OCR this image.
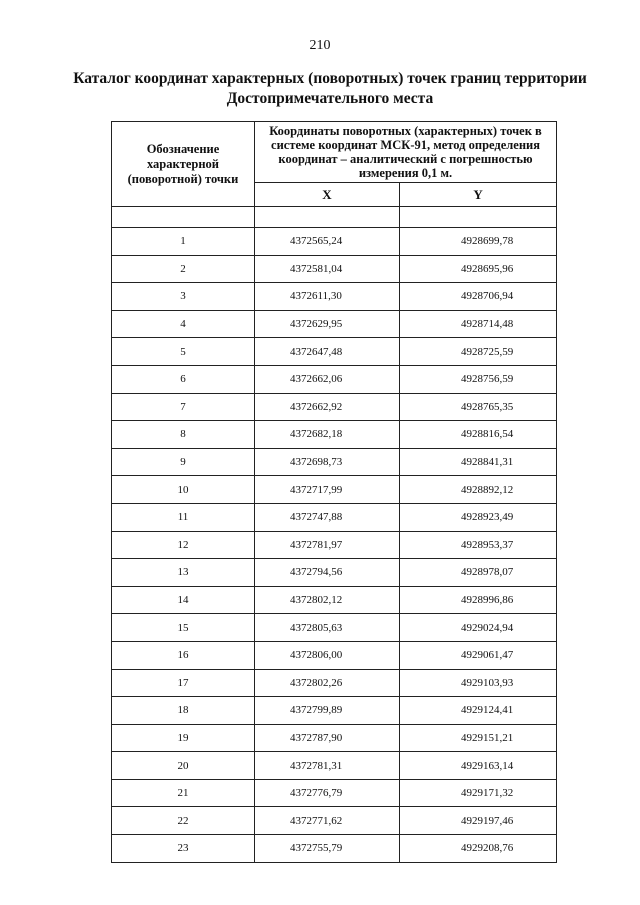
210
Каталог координат характерных (поворотных) точек границ территории
Достопримечательного места
Обозначение характерной (поворотной) точки	Координаты поворотных (характерных) точек в системе координат МСК-91, метод определения координат – аналитический с погрешностью измерения 0,1 м.	
	X	Y

1	4372565,24	4928699,78
2	4372581,04	4928695,96
3	4372611,30	4928706,94
4	4372629,95	4928714,48
5	4372647,48	4928725,59
6	4372662,06	4928756,59
7	4372662,92	4928765,35
8	4372682,18	4928816,54
9	4372698,73	4928841,31
10	4372717,99	4928892,12
11	4372747,88	4928923,49
12	4372781,97	4928953,37
13	4372794,56	4928978,07
14	4372802,12	4928996,86
15	4372805,63	4929024,94
16	4372806,00	4929061,47
17	4372802,26	4929103,93
18	4372799,89	4929124,41
19	4372787,90	4929151,21
20	4372781,31	4929163,14
21	4372776,79	4929171,32
22	4372771,62	4929197,46
23	4372755,79	4929208,76
